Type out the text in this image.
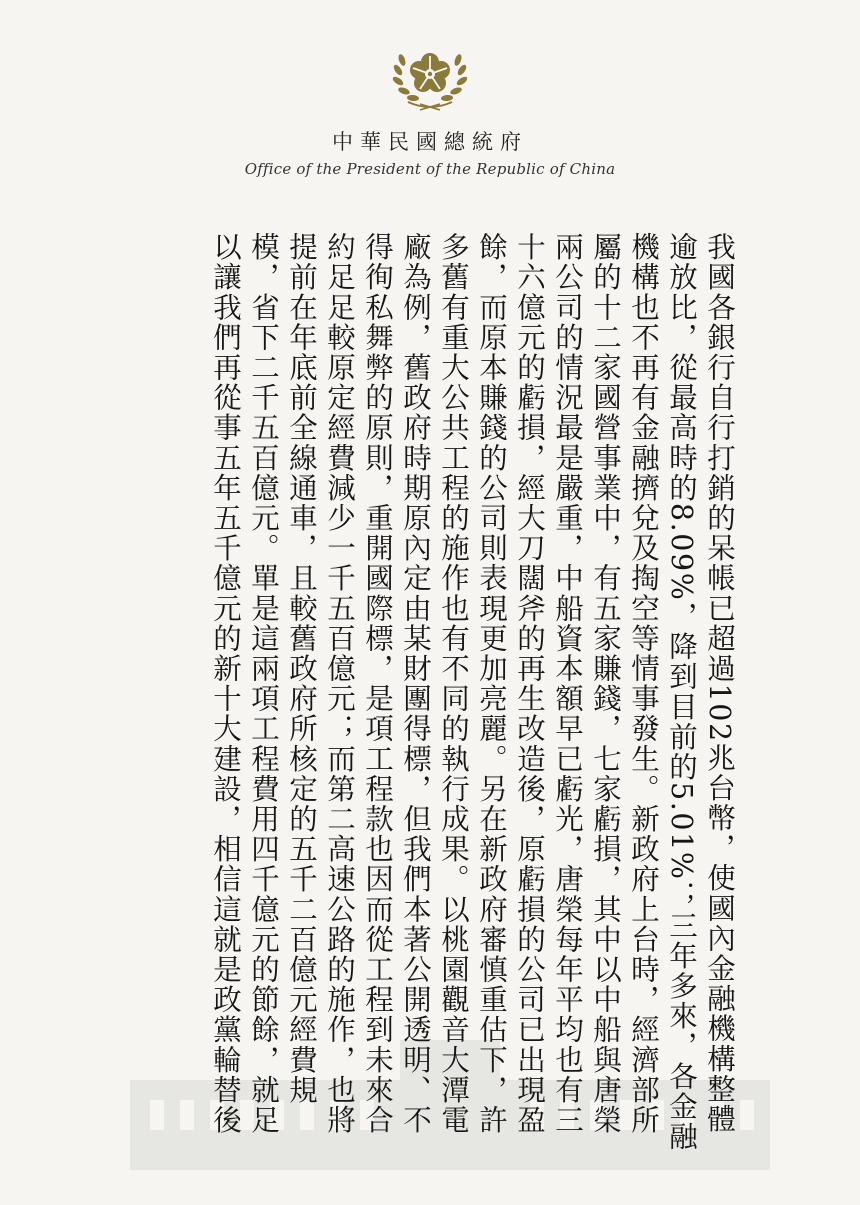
中華民國總統府
Office of the President of the Republic of China
我國各銀行自行打銷的呆帳已超過102兆台幣，使國內金融機構整體
逾放比，從最高時的8.09%，降到目前的5.01%；三年多來，各金融
機構也不再有金融擠兌及掏空等情事發生。新政府上台時，經濟部所
屬的十二家國營事業中，有五家賺錢，七家虧損，其中以中船與唐榮
兩公司的情況最是嚴重，中船資本額早已虧光，唐榮每年平均也有三
十六億元的虧損，經大刀闊斧的再生改造後，原虧損的公司已出現盈
餘，而原本賺錢的公司則表現更加亮麗。另在新政府審慎重估下，許
多舊有重大公共工程的施作也有不同的執行成果。以桃園觀音大潭電
廠為例，舊政府時期原內定由某財團得標，但我們本著公開透明、不
得徇私舞弊的原則，重開國際標，是項工程款也因而從工程到未來合
約足足較原定經費減少一千五百億元；而第二高速公路的施作，也將
提前在年底前全線通車，且較舊政府所核定的五千二百億元經費規
模，省下二千五百億元。單是這兩項工程費用四千億元的節餘，就足
以讓我們再從事五年五千億元的新十大建設，相信這就是政黨輪替後
